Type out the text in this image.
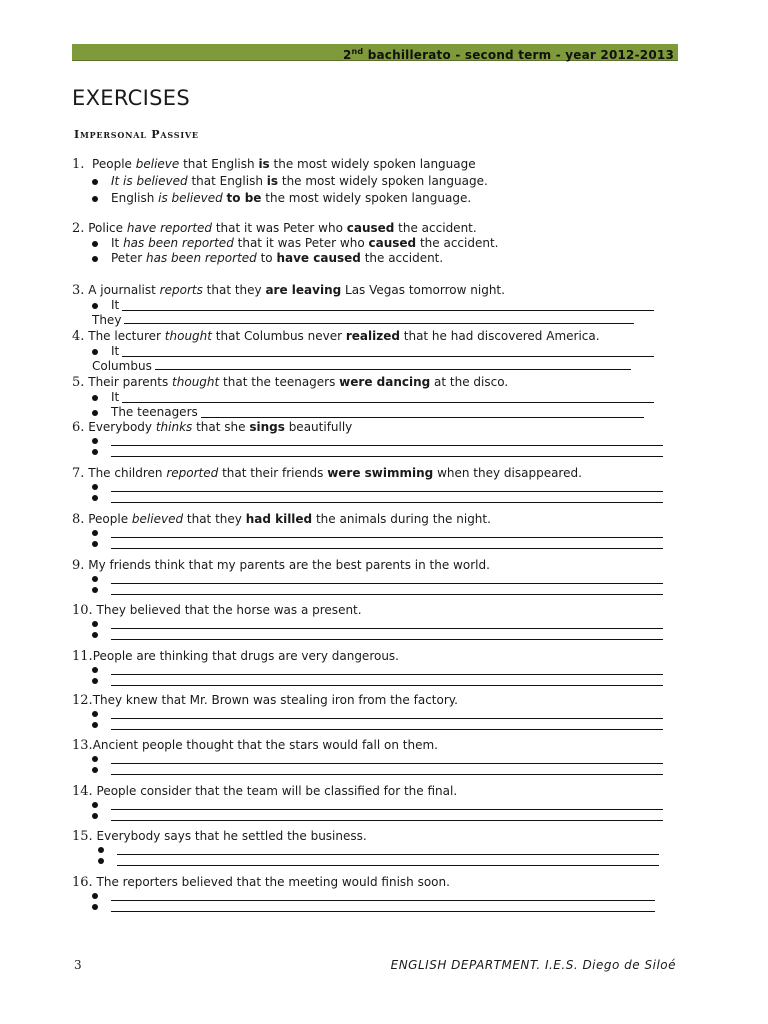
2nd bachillerato - second term - year 2012-2013
EXERCISES
Impersonal Passive
1. People believe that English is the most widely spoken language
It is believed that English is the most widely spoken language.
English is believed to be the most widely spoken language.
2. Police have reported that it was Peter who caused the accident.
It has been reported that it was Peter who caused the accident.
Peter has been reported to have caused the accident.
3. A journalist reports that they are leaving Las Vegas tomorrow night.
It
They
4. The lecturer thought that Columbus never realized that he had discovered America.
It
Columbus
5. Their parents thought that the teenagers were dancing at the disco.
It
The teenagers
6. Everybody thinks that she sings beautifully
7. The children reported that their friends were swimming when they disappeared.
8. People believed that they had killed the animals during the night.
9. My friends think that my parents are the best parents in the world.
10. They believed that the horse was a present.
11.People are thinking that drugs are very dangerous.
12.They knew that Mr. Brown was stealing iron from the factory.
13.Ancient people thought that the stars would fall on them.
14. People consider that the team will be classified for the final.
15. Everybody says that he settled the business.
16. The reporters believed that the meeting would finish soon.
3	ENGLISH DEPARTMENT. I.E.S. Diego de Siloé
